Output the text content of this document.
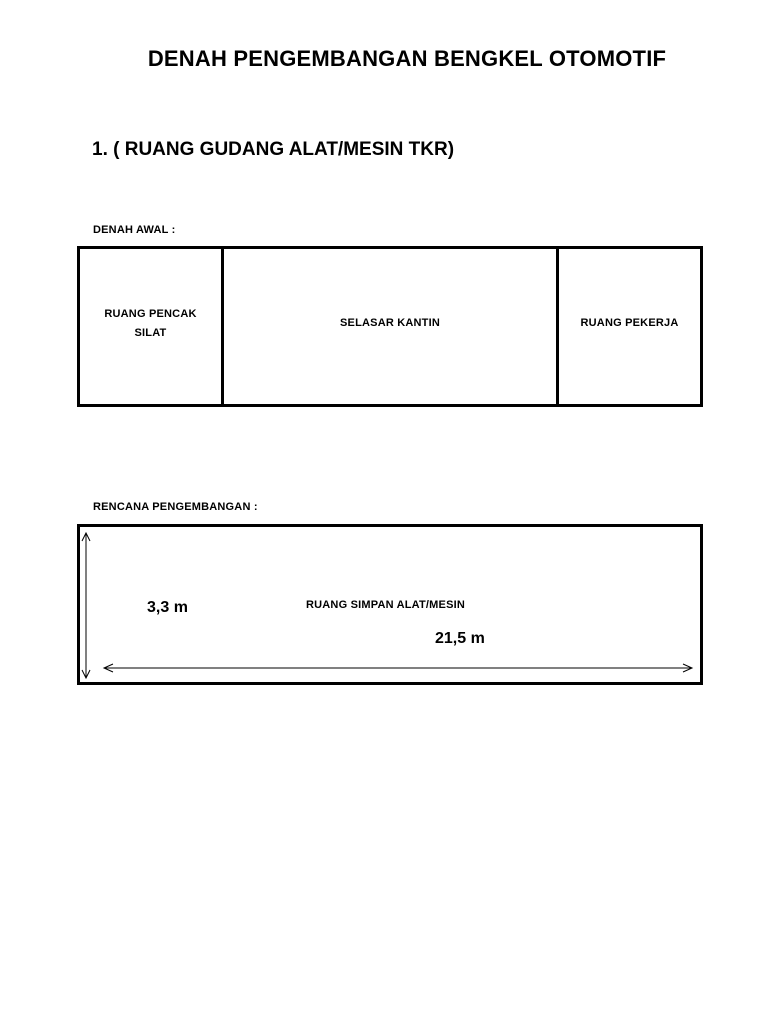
DENAH PENGEMBANGAN BENGKEL OTOMOTIF
1. ( RUANG GUDANG ALAT/MESIN TKR)
DENAH AWAL :
RUANG PENCAK SILAT
SELASAR KANTIN	RUANG PEKERJA
RENCANA PENGEMBANGAN :
3,3 m	RUANG SIMPAN ALAT/MESIN
21,5 m
